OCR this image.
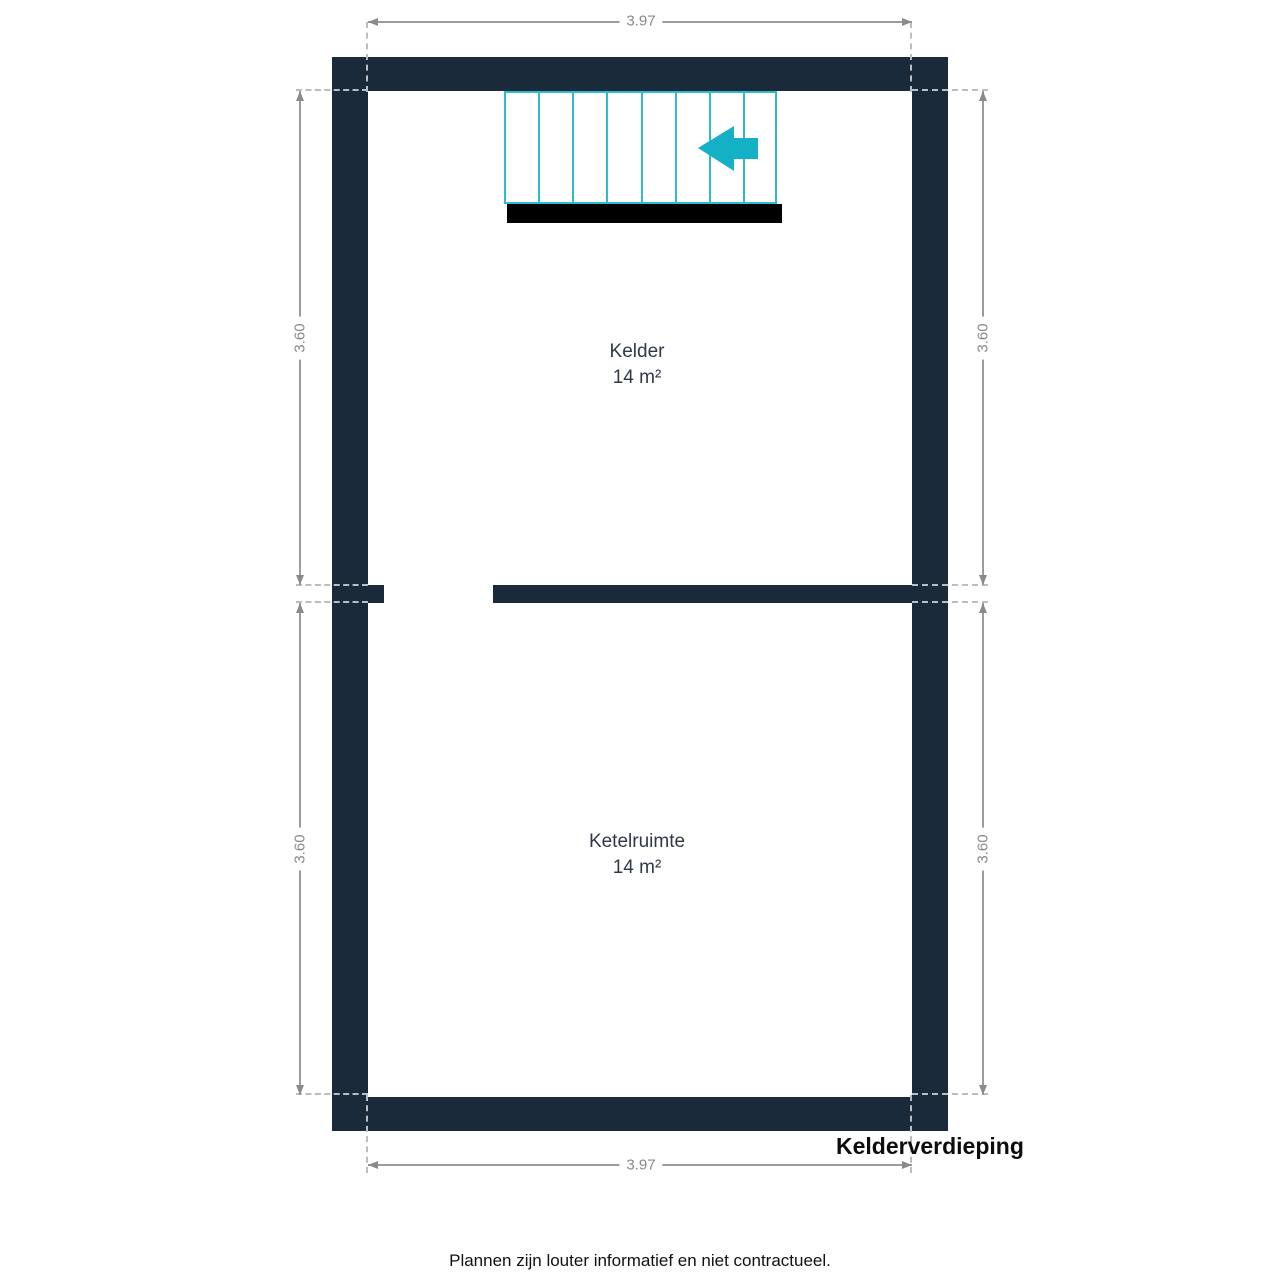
3.97
3.97
3.60
3.60
3.60
3.60
Kelder
14 m²
Ketelruimte
14 m²
Kelderverdieping
Plannen zijn louter informatief en niet contractueel.
